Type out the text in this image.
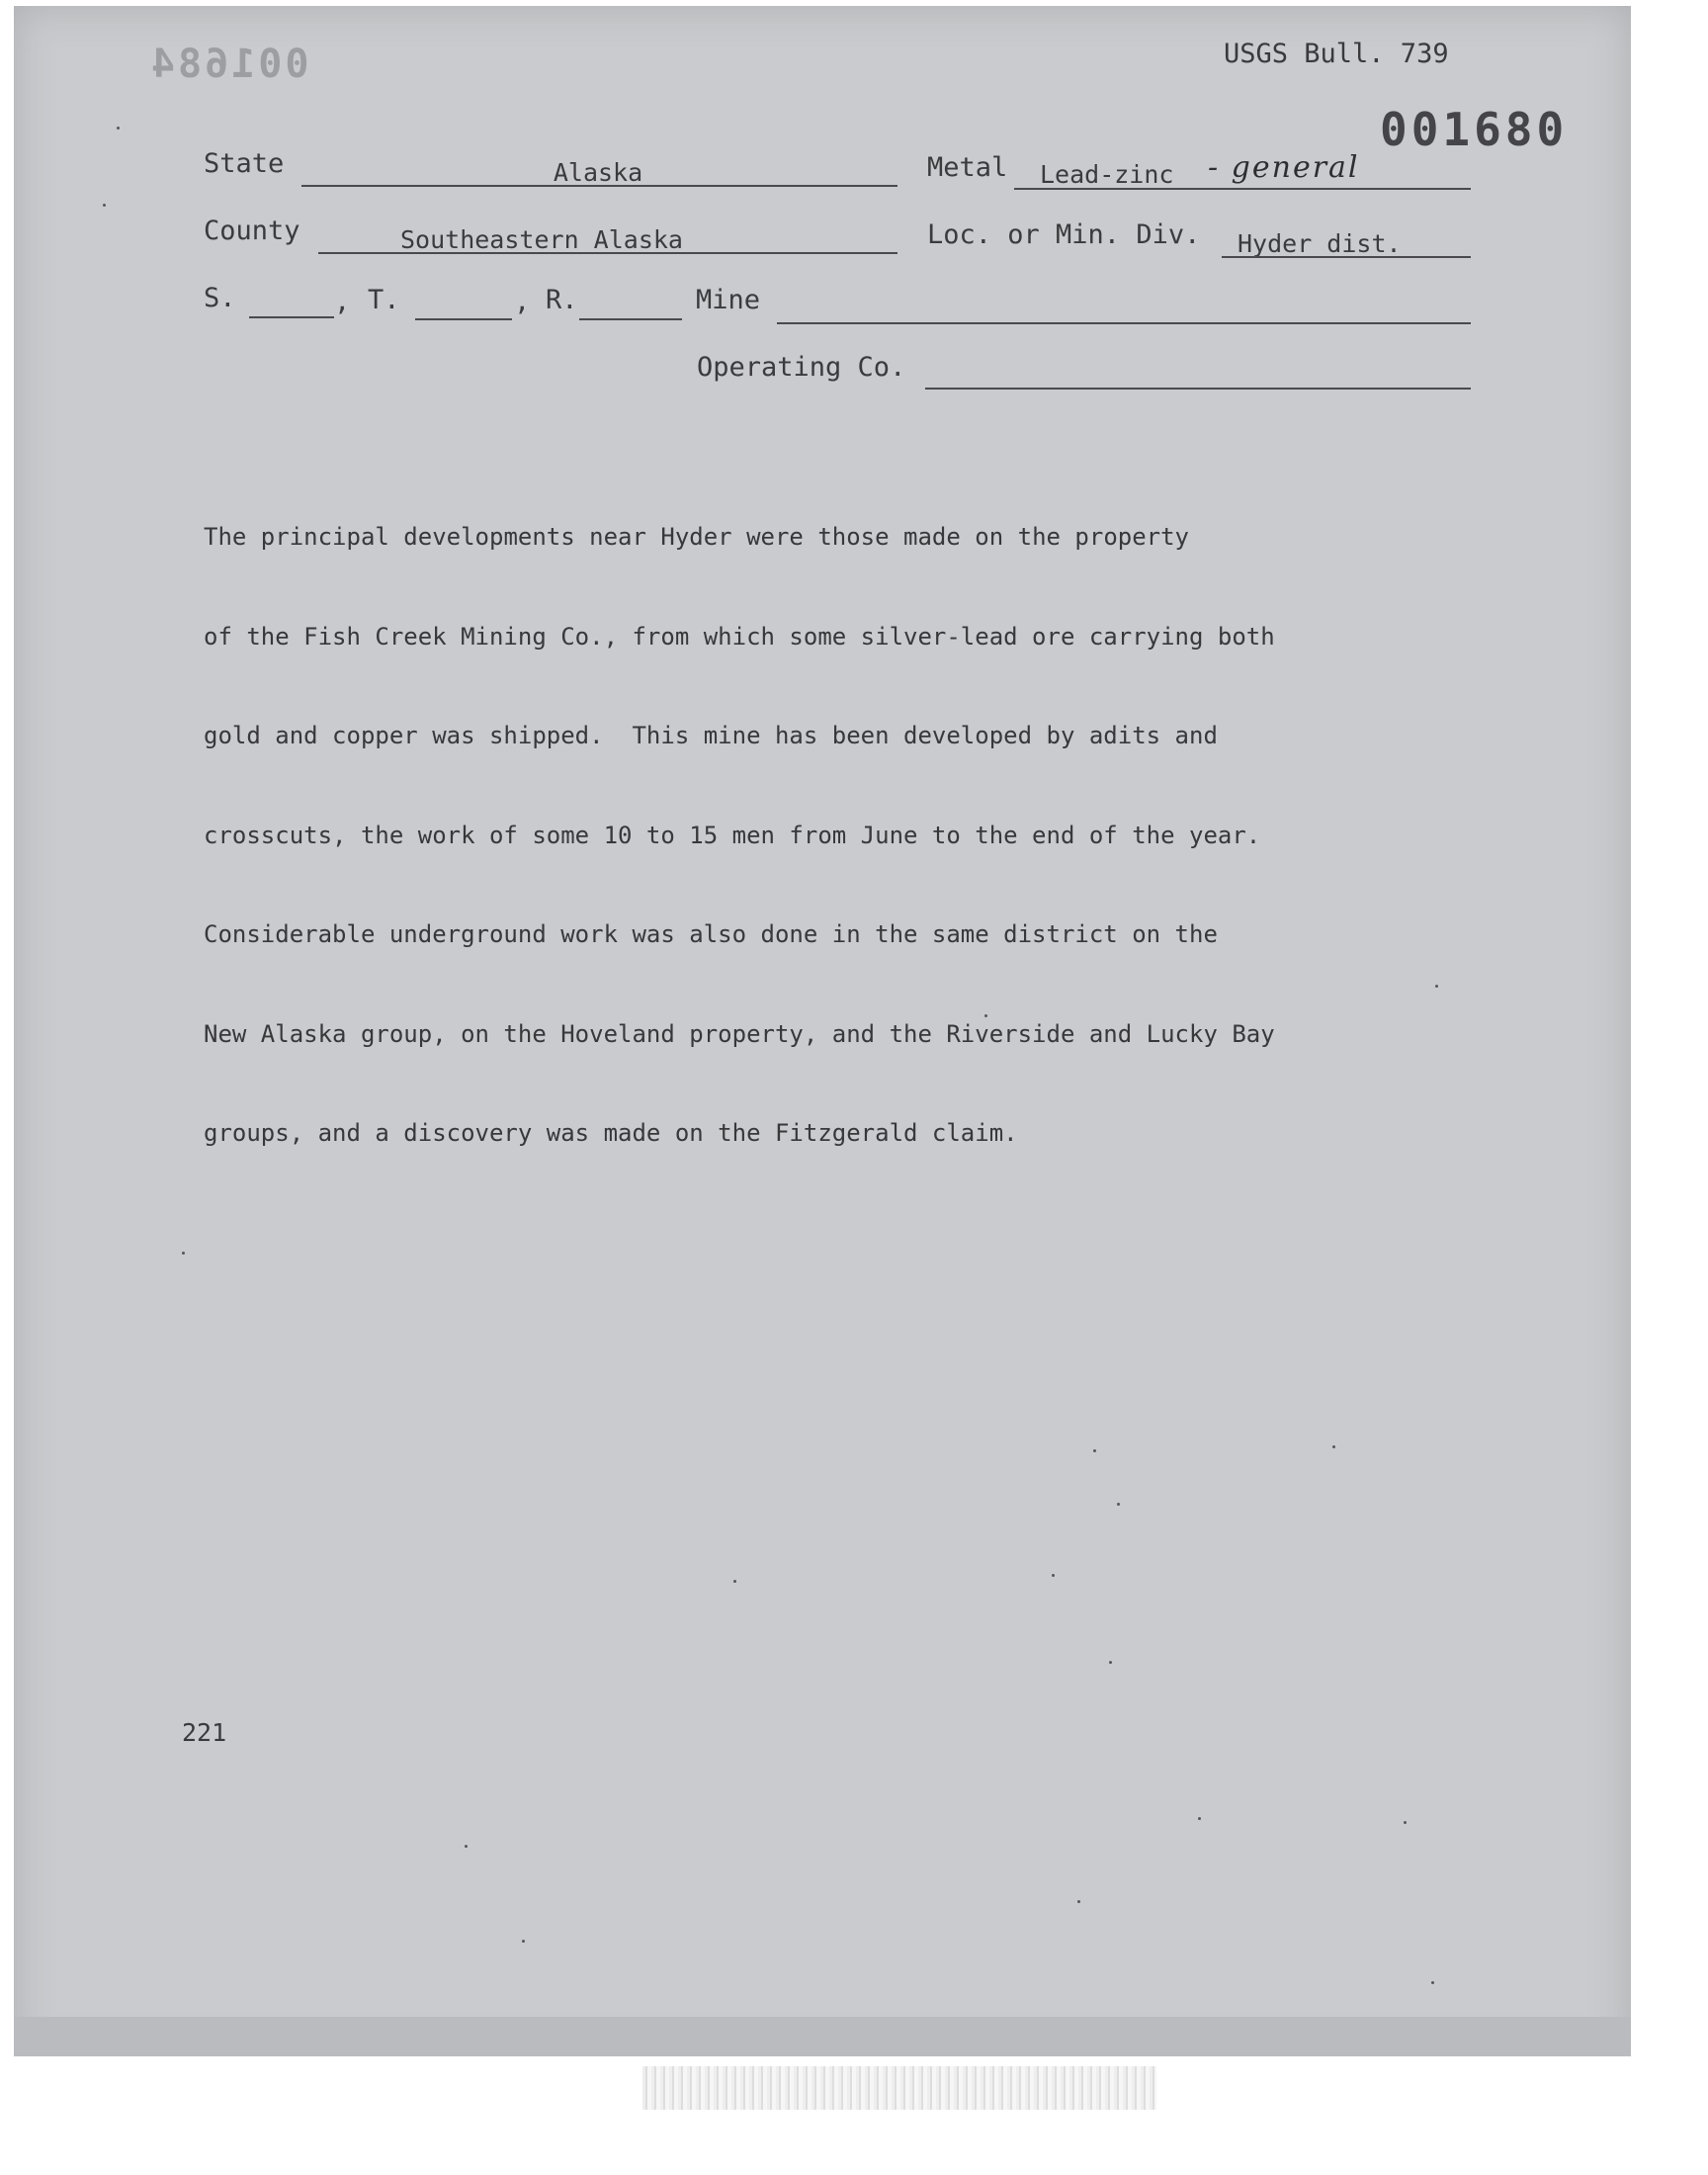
001684	USGS Bull. 739
001680
State	Alaska	Metal Lead-zinc - general
County	Southeastern Alaska	Loc. or Min. Div. Hyder dist.
S.	, T.	, R.	Mine
Operating Co.

The principal developments near Hyder were those made on the property

of the Fish Creek Mining Co., from which some silver-lead ore carrying both

gold and copper was shipped.  This mine has been developed by adits and

crosscuts, the work of some 10 to 15 men from June to the end of the year.

Considerable underground work was also done in the same district on the

New Alaska group, on the Hoveland property, and the Riverside and Lucky Bay

groups, and a discovery was made on the Fitzgerald claim.

221
